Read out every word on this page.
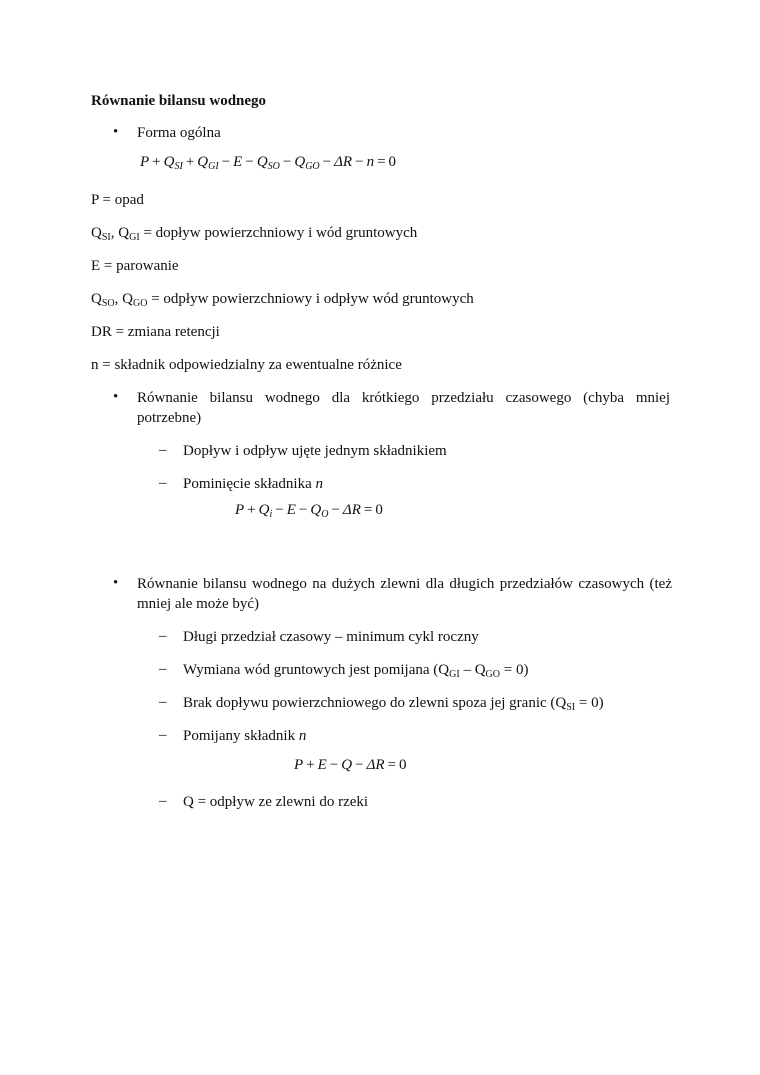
Równanie bilansu wodnego
• Forma ogólna
$P + Q_{SI} + Q_{GI} - E - Q_{SO} - Q_{GO} - \Delta R - n = 0$
P = opad
$Q_{SI}$, $Q_{GI}$ = dopływ powierzchniowy i wód gruntowych
E = parowanie
$Q_{SO}$, $Q_{GO}$ = odpływ powierzchniowy i odpływ wód gruntowych
DR = zmiana retencji
n = składnik odpowiedzialny za ewentualne różnice
• Równanie bilansu wodnego dla krótkiego przedziału czasowego (chyba mniej potrzebne)
– Dopływ i odpływ ujęte jednym składnikiem
– Pominięcie składnika n
$P + Q_i - E - Q_O - \Delta R = 0$
• Równanie bilansu wodnego na dużych zlewni dla długich przedziałów czasowych (też mniej ale może być)
– Długi przedział czasowy – minimum cykl roczny
– Wymiana wód gruntowych jest pomijana $(Q_{GI} - Q_{GO} = 0)$
– Brak dopływu powierzchniowego do zlewni spoza jej granic $(Q_{SI} = 0)$
– Pomijany składnik n
P + E − Q − ΔR = 0
– Q = odpływ ze zlewni do rzeki
